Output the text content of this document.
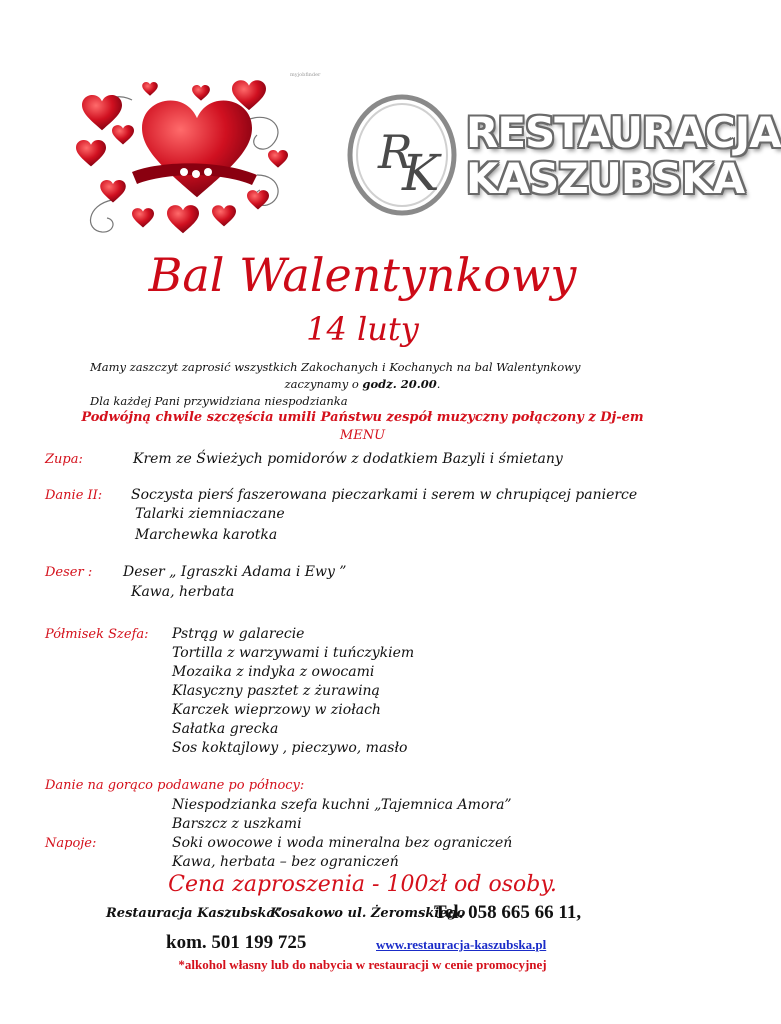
myjobfinder
R
K
RESTAURACJA
KASZUBSKA
Bal Walentynkowy
14 luty
Mamy zaszczyt zaprosić wszystkich Zakochanych i Kochanych na bal Walentynkowy
zaczynamy o godz. 20.00.
Dla każdej Pani przywidziana niespodzianka
Podwójną chwile szczęścia umili Państwu zespół muzyczny połączony z Dj-em
MENU
Zupa:	Krem ze Świeżych pomidorów z dodatkiem Bazyli i śmietany
Danie II: Soczysta pierś faszerowana pieczarkami i serem w chrupiącej panierce
Talarki ziemniaczane
Marchewka karotka
Deser : Deser „ Igraszki Adama i Ewy ”
Kawa, herbata
Półmisek Szefa: Pstrąg w galarecie
Tortilla z warzywami i tuńczykiem
Mozaika z indyka z owocami
Klasyczny pasztet z żurawiną
Karczek wieprzowy w ziołach
Sałatka grecka
Sos koktajlowy , pieczywo, masło
Danie na gorąco podawane po północy:
Niespodzianka szefa kuchni „Tajemnica Amora”
Barszcz z uszkami
Napoje:	Soki owocowe i woda mineralna bez ograniczeń
Kawa, herbata – bez ograniczeń
Cena zaproszenia - 100zł od osoby.
Restauracja Kaszubska”
Kosakowo ul. Żeromskiego
Tel. 058 665 66 11,
kom. 501 199 725	www.restauracja-kaszubska.pl
*alkohol własny lub do nabycia w restauracji w cenie promocyjnej
